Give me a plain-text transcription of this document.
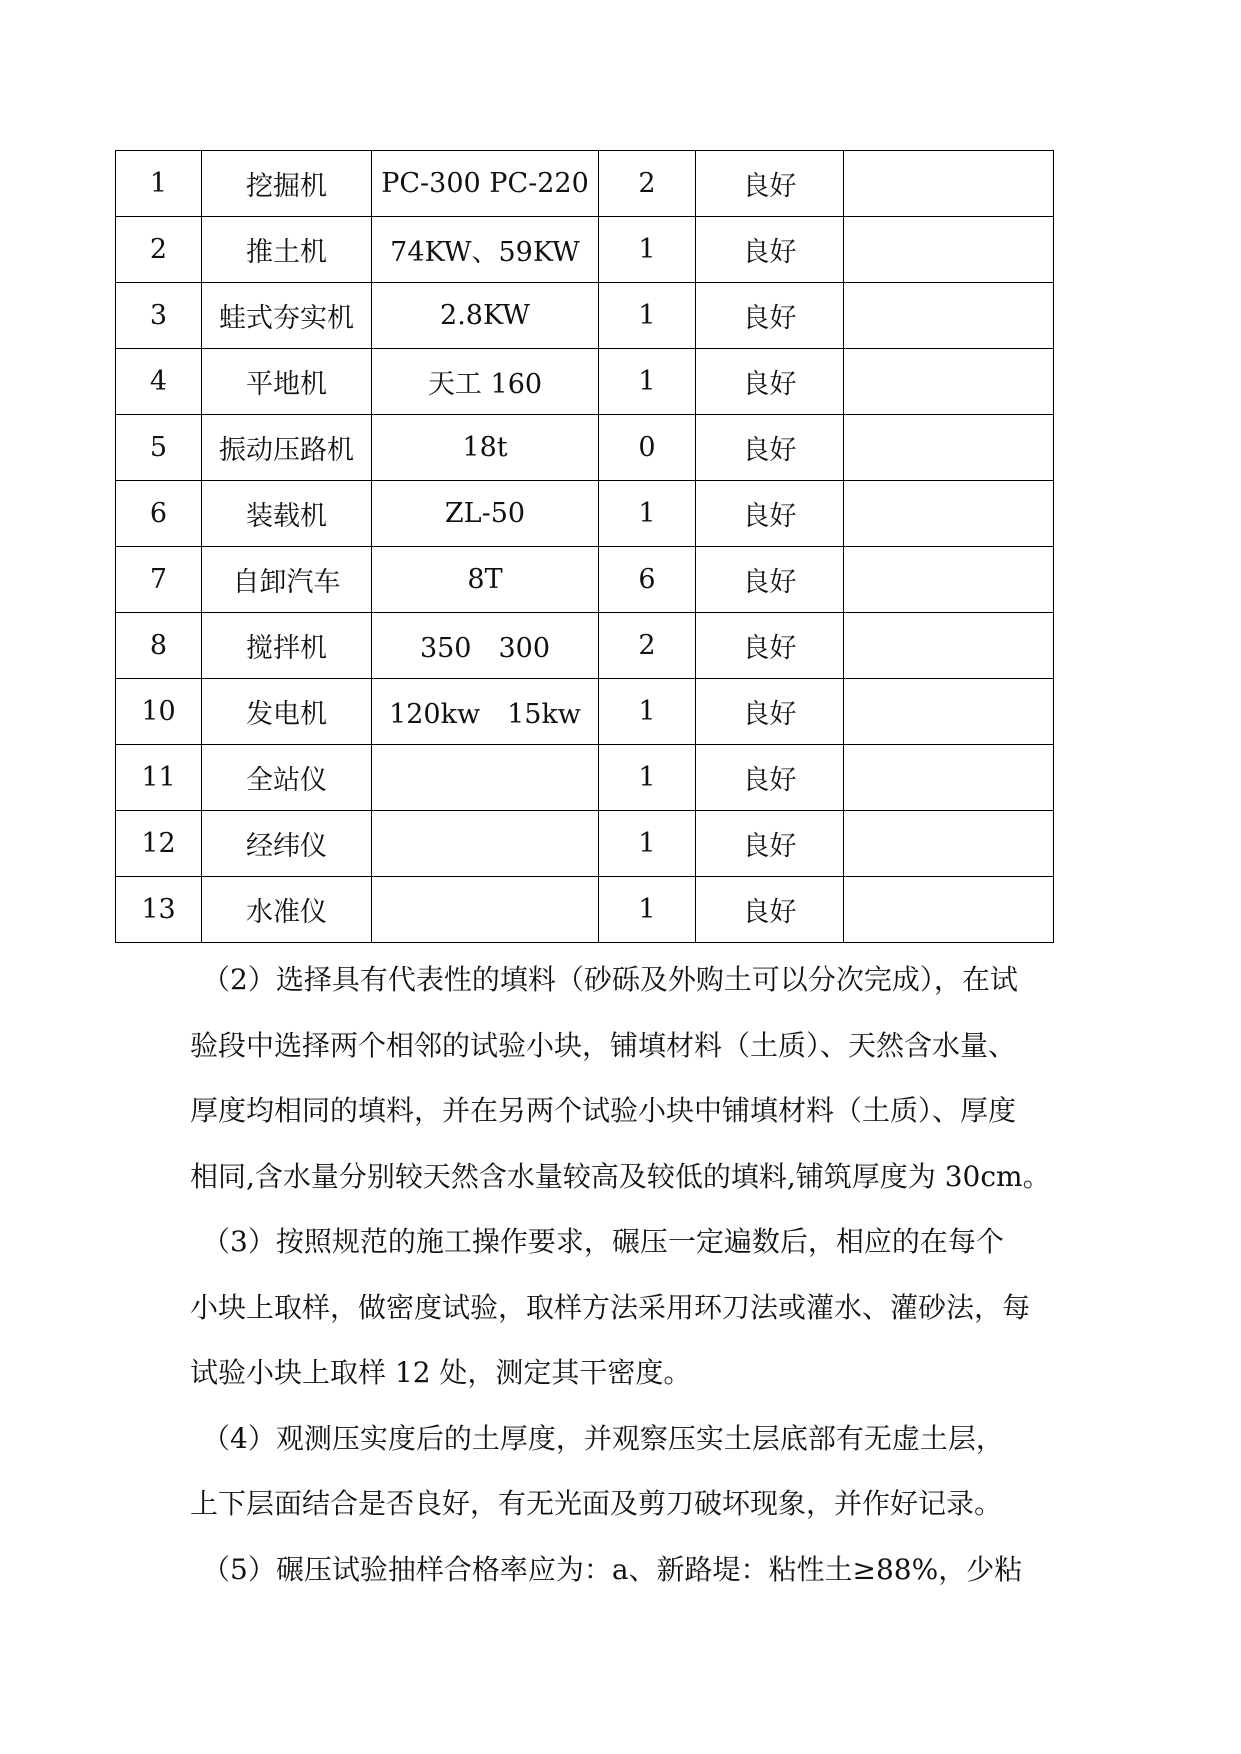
1	挖掘机	PC-300 PC-220	2	良好	
2	推土机	74KW、59KW	1	良好	
3	蛙式夯实机	2.8KW	1	良好	
4	平地机	天工 160	1	良好	
5	振动压路机	18t	0	良好	
6	装载机	ZL-50	1	良好	
7	自卸汽车	8T	6	良好	
8	搅拌机	350　300	2	良好	
10	发电机	120kw　15kw	1	良好	
11	全站仪		1	良好	
12	经纬仪		1	良好	
13	水准仪		1	良好	
（2）选择具有代表性的填料（砂砾及外购土可以分次完成），在试
验段中选择两个相邻的试验小块，铺填材料（土质）、天然含水量、
厚度均相同的填料，并在另两个试验小块中铺填材料（土质）、厚度
相同,含水量分别较天然含水量较高及较低的填料,铺筑厚度为 30cm。
（3）按照规范的施工操作要求，碾压一定遍数后，相应的在每个
小块上取样，做密度试验，取样方法采用环刀法或灌水、灌砂法，每
试验小块上取样 12 处，测定其干密度。
（4）观测压实度后的土厚度，并观察压实土层底部有无虚土层，
上下层面结合是否良好，有无光面及剪刀破坏现象，并作好记录。
（5）碾压试验抽样合格率应为：a、新路堤：粘性土≥88%，少粘
